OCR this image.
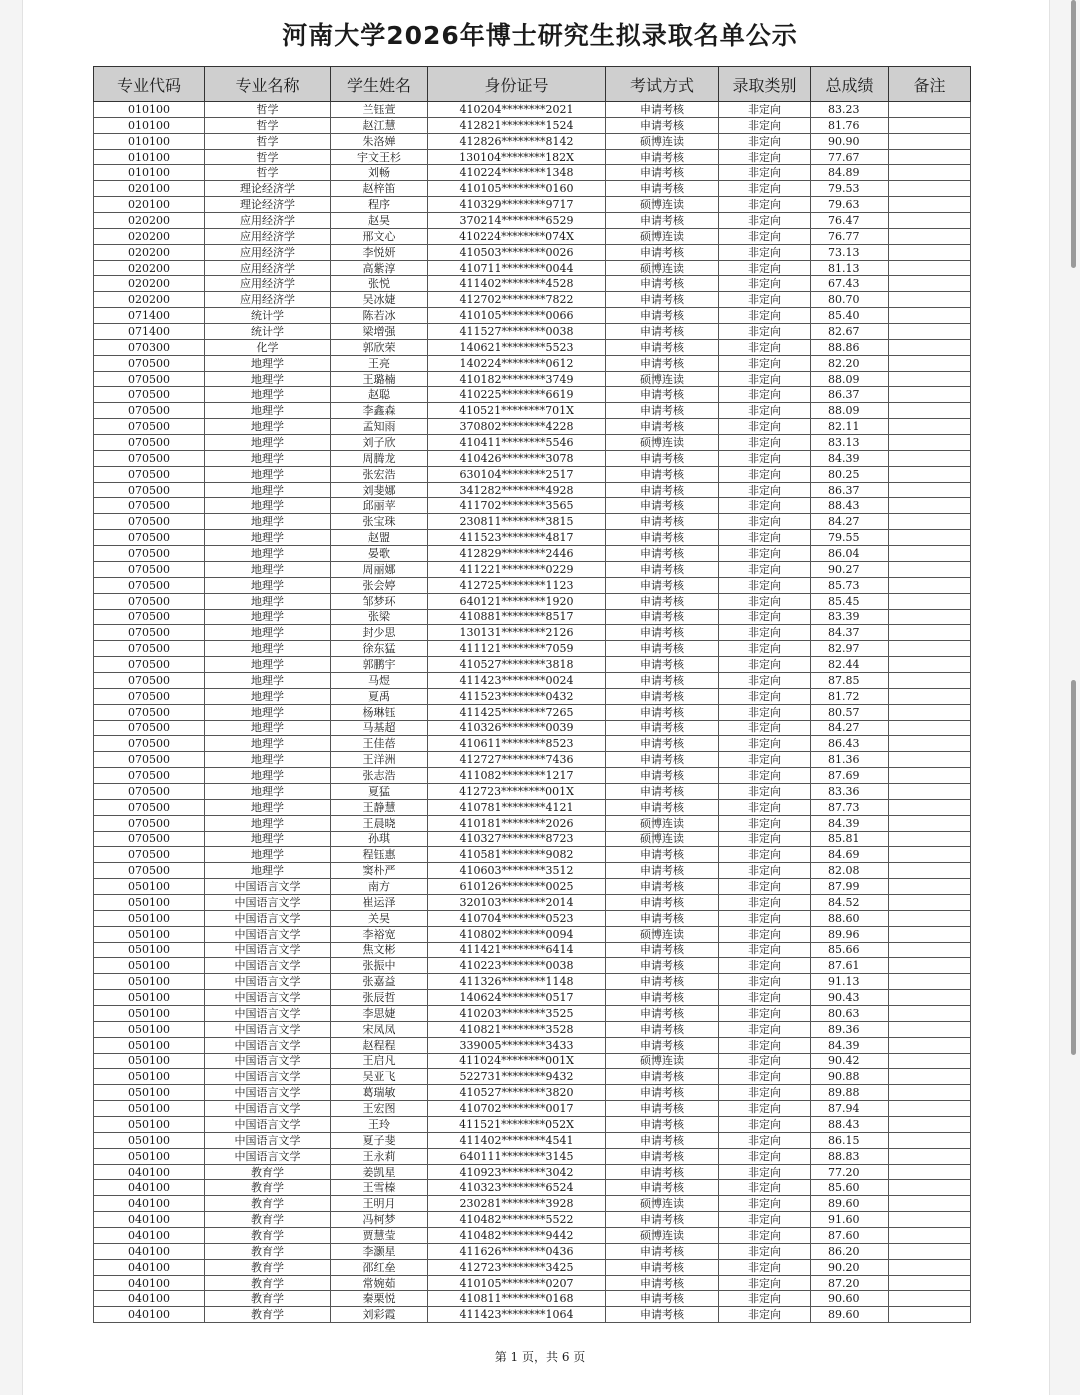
河南大学2026年博士研究生拟录取名单公示
专业代码	专业名称	学生姓名	身份证号	考试方式	录取类别	总成绩	备注
010100	哲学	兰钰萱	410204********2021	申请考核	非定向	83.23	
010100	哲学	赵江慧	412821********1524	申请考核	非定向	81.76	
010100	哲学	朱洛婵	412826********8142	硕博连读	非定向	90.90	
010100	哲学	宇文王杉	130104********182X	申请考核	非定向	77.67	
010100	哲学	刘畅	410224********1348	申请考核	非定向	84.89	
020100	理论经济学	赵梓笛	410105********0160	申请考核	非定向	79.53	
020100	理论经济学	程序	410329********9717	硕博连读	非定向	79.63	
020200	应用经济学	赵昊	370214********6529	申请考核	非定向	76.47	
020200	应用经济学	邢文心	410224********074X	硕博连读	非定向	76.77	
020200	应用经济学	李悦妍	410503********0026	申请考核	非定向	73.13	
020200	应用经济学	高紫淳	410711********0044	硕博连读	非定向	81.13	
020200	应用经济学	张悦	411402********4528	申请考核	非定向	67.43	
020200	应用经济学	吴冰婕	412702********7822	申请考核	非定向	80.70	
071400	统计学	陈若冰	410105********0066	申请考核	非定向	85.40	
071400	统计学	梁增强	411527********0038	申请考核	非定向	82.67	
070300	化学	郭欣荣	140621********5523	申请考核	非定向	88.86	
070500	地理学	王亮	140224********0612	申请考核	非定向	82.20	
070500	地理学	王璐楠	410182********3749	硕博连读	非定向	88.09	
070500	地理学	赵聪	410225********6619	申请考核	非定向	86.37	
070500	地理学	李鑫森	410521********701X	申请考核	非定向	88.09	
070500	地理学	孟知雨	370802********4228	申请考核	非定向	82.11	
070500	地理学	刘子欣	410411********5546	硕博连读	非定向	83.13	
070500	地理学	周腾龙	410426********3078	申请考核	非定向	84.39	
070500	地理学	张宏浩	630104********2517	申请考核	非定向	80.25	
070500	地理学	刘斐娜	341282********4928	申请考核	非定向	86.37	
070500	地理学	邱丽苹	411702********3565	申请考核	非定向	88.43	
070500	地理学	张宝珠	230811********3815	申请考核	非定向	84.27	
070500	地理学	赵盟	411523********4817	申请考核	非定向	79.55	
070500	地理学	晏歌	412829********2446	申请考核	非定向	86.04	
070500	地理学	周丽娜	411221********0229	申请考核	非定向	90.27	
070500	地理学	张会婷	412725********1123	申请考核	非定向	85.73	
070500	地理学	邹梦环	640121********1920	申请考核	非定向	85.45	
070500	地理学	张梁	410881********8517	申请考核	非定向	83.39	
070500	地理学	封少思	130131********2126	申请考核	非定向	84.37	
070500	地理学	徐东猛	411121********7059	申请考核	非定向	82.97	
070500	地理学	郭鹏宇	410527********3818	申请考核	非定向	82.44	
070500	地理学	马煜	411423********0024	申请考核	非定向	87.85	
070500	地理学	夏禹	411523********0432	申请考核	非定向	81.72	
070500	地理学	杨琳钰	411425********7265	申请考核	非定向	80.57	
070500	地理学	马基超	410326********0039	申请考核	非定向	84.27	
070500	地理学	王佳蓓	410611********8523	申请考核	非定向	86.43	
070500	地理学	王洋洲	412727********7436	申请考核	非定向	81.36	
070500	地理学	张志浩	411082********1217	申请考核	非定向	87.69	
070500	地理学	夏猛	412723********001X	申请考核	非定向	83.36	
070500	地理学	王静慧	410781********4121	申请考核	非定向	87.73	
070500	地理学	王晨晓	410181********2026	硕博连读	非定向	84.39	
070500	地理学	孙琪	410327********8723	硕博连读	非定向	85.81	
070500	地理学	程钰惠	410581********9082	申请考核	非定向	84.69	
070500	地理学	窦朴严	410603********3512	申请考核	非定向	82.08	
050100	中国语言文学	南方	610126********0025	申请考核	非定向	87.99	
050100	中国语言文学	崔运泽	320103********2014	申请考核	非定向	84.52	
050100	中国语言文学	关昊	410704********0523	申请考核	非定向	88.60	
050100	中国语言文学	李裕宽	410802********0094	硕博连读	非定向	89.96	
050100	中国语言文学	焦文彬	411421********6414	申请考核	非定向	85.66	
050100	中国语言文学	张振中	410223********0038	申请考核	非定向	87.61	
050100	中国语言文学	张嘉益	411326********1148	申请考核	非定向	91.13	
050100	中国语言文学	张辰哲	140624********0517	申请考核	非定向	90.43	
050100	中国语言文学	李思婕	410203********3525	申请考核	非定向	80.63	
050100	中国语言文学	宋凤凤	410821********3528	申请考核	非定向	89.36	
050100	中国语言文学	赵程程	339005********3433	申请考核	非定向	84.39	
050100	中国语言文学	王启凡	411024********001X	硕博连读	非定向	90.42	
050100	中国语言文学	吴亚飞	522731********9432	申请考核	非定向	90.88	
050100	中国语言文学	葛瑞敏	410527********3820	申请考核	非定向	89.88	
050100	中国语言文学	王宏图	410702********0017	申请考核	非定向	87.94	
050100	中国语言文学	王玲	411521********052X	申请考核	非定向	88.43	
050100	中国语言文学	夏子斐	411402********4541	申请考核	非定向	86.15	
050100	中国语言文学	王永莉	640111********3145	申请考核	非定向	88.83	
040100	教育学	姜凯星	410923********3042	申请考核	非定向	77.20	
040100	教育学	王雪榛	410323********6524	申请考核	非定向	85.60	
040100	教育学	王明月	230281********3928	硕博连读	非定向	89.60	
040100	教育学	冯柯梦	410482********5522	申请考核	非定向	91.60	
040100	教育学	贾慧莹	410482********9442	硕博连读	非定向	87.60	
040100	教育学	李灏星	411626********0436	申请考核	非定向	86.20	
040100	教育学	邵红垒	412723********3425	申请考核	非定向	90.20	
040100	教育学	常婉茹	410105********0207	申请考核	非定向	87.20	
040100	教育学	秦栗悦	410811********0168	申请考核	非定向	90.60	
040100	教育学	刘彩霞	411423********1064	申请考核	非定向	89.60	
第 1 页，共 6 页
